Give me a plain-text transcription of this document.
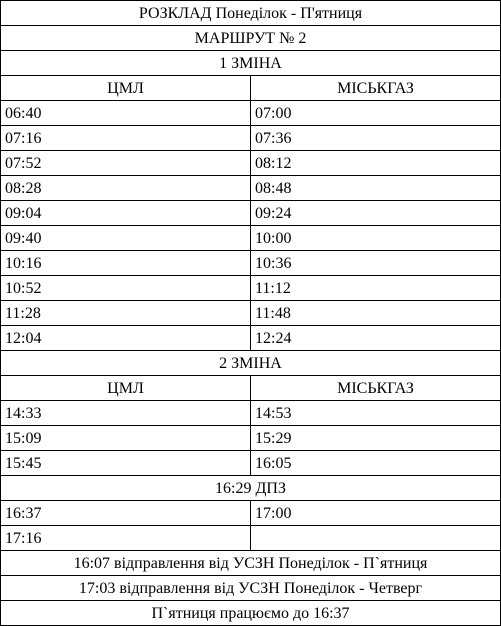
РОЗКЛАД Понеділок - П'ятниця	
МАРШРУТ № 2	
1 ЗМІНА	
ЦМЛ	МІСЬКГАЗ
06:40	07:00
07:16	07:36
07:52	08:12
08:28	08:48
09:04	09:24
09:40	10:00
10:16	10:36
10:52	11:12
11:28	11:48
12:04	12:24
2 ЗМІНА	
ЦМЛ	МІСЬКГАЗ
14:33	14:53
15:09	15:29
15:45	16:05
16:29 ДПЗ	
16:37	17:00
17:16	
16:07 відправлення від УСЗН Понеділок - П`ятниця	
17:03 відправлення від УСЗН Понеділок - Четверг	
П`ятниця працюємо до 16:37	
